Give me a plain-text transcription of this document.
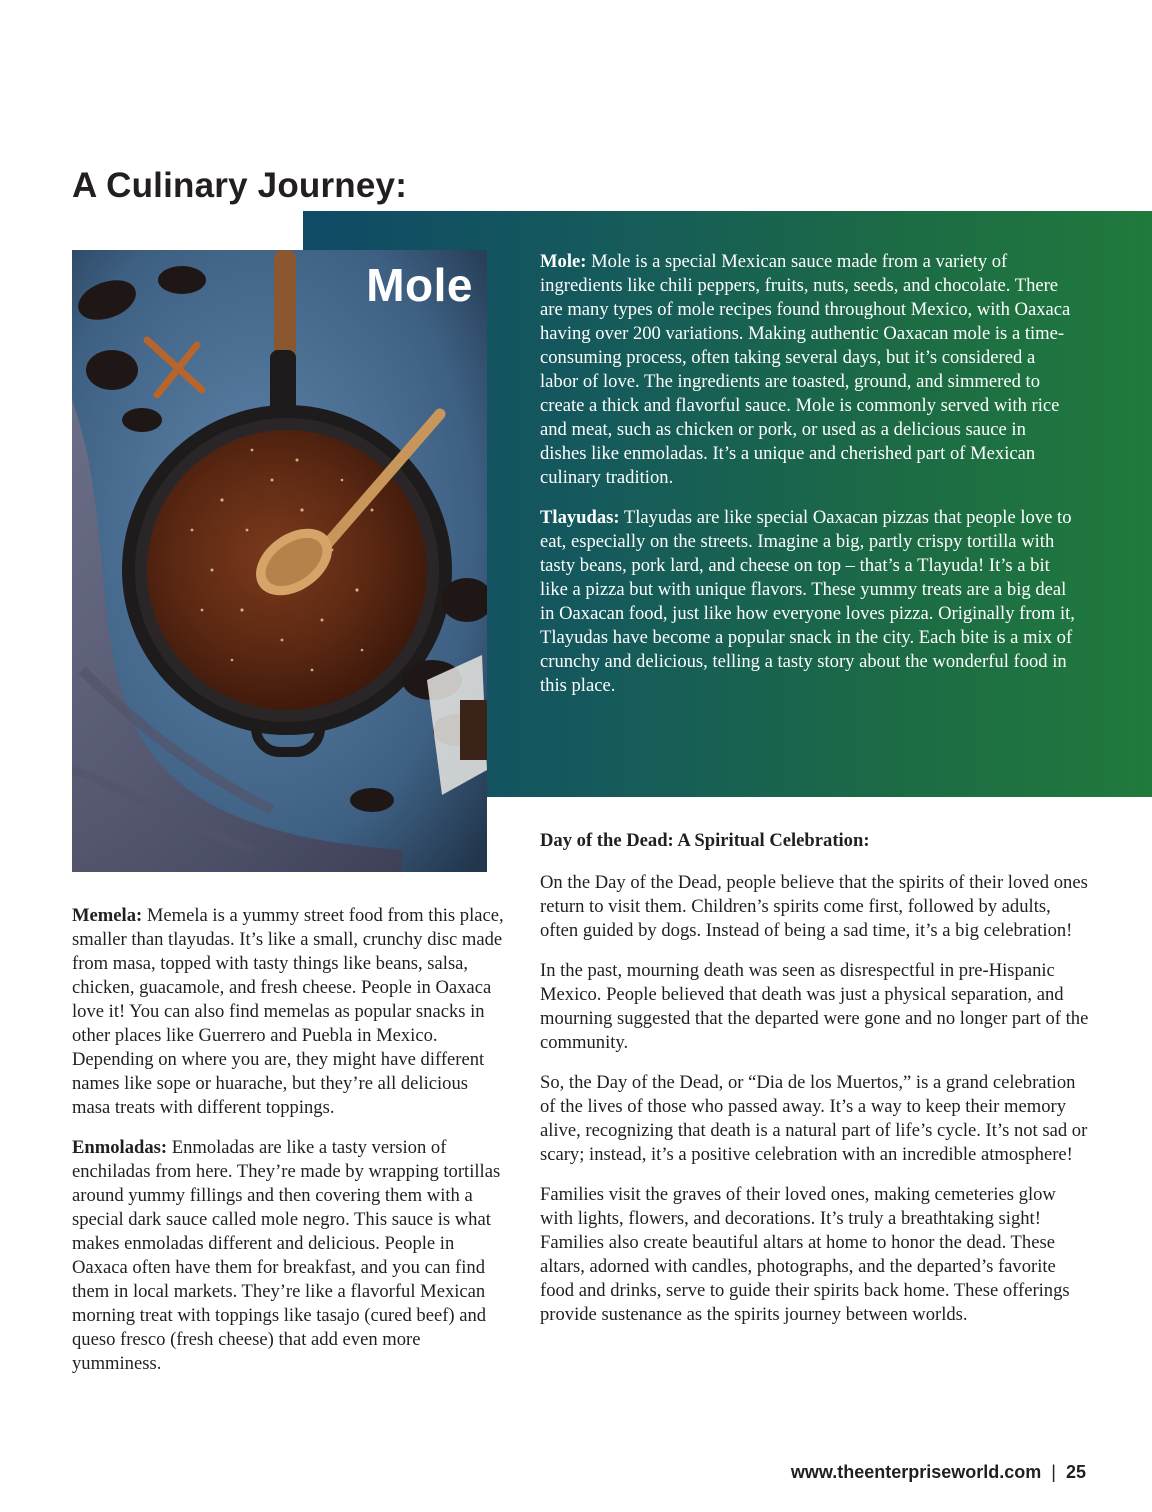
A Culinary Journey:

Mole	Mole: Mole is a special Mexican sauce made from a variety of ingredients like chili peppers, fruits, nuts, seeds, and chocolate. There are many types of mole recipes found throughout Mexico, with Oaxaca having over 200 variations. Making authentic Oaxacan mole is a time-consuming process, often taking several days, but it’s considered a labor of love. The ingredients are toasted, ground, and simmered to create a thick and flavorful sauce. Mole is commonly served with rice and meat, such as chicken or pork, or used as a delicious sauce in dishes like enmoladas. It’s a unique and cherished part of Mexican culinary tradition.

Tlayudas: Tlayudas are like special Oaxacan pizzas that people love to eat, especially on the streets. Imagine a big, partly crispy tortilla with tasty beans, pork lard, and cheese on top – that’s a Tlayuda! It’s a bit like a pizza but with unique flavors. These yummy treats are a big deal in Oaxacan food, just like how everyone loves pizza. Originally from it, Tlayudas have become a popular snack in the city. Each bite is a mix of crunchy and delicious, telling a tasty story about the wonderful food in this place.

Memela: Memela is a yummy street food from this place, smaller than tlayudas. It’s like a small, crunchy disc made from masa, topped with tasty things like beans, salsa, chicken, guacamole, and fresh cheese. People in Oaxaca love it! You can also find memelas as popular snacks in other places like Guerrero and Puebla in Mexico. Depending on where you are, they might have different names like sope or huarache, but they’re all delicious masa treats with different toppings.

Enmoladas: Enmoladas are like a tasty version of enchiladas from here. They’re made by wrapping tortillas around yummy fillings and then covering them with a special dark sauce called mole negro. This sauce is what makes enmoladas different and delicious. People in Oaxaca often have them for breakfast, and you can find them in local markets. They’re like a flavorful Mexican morning treat with toppings like tasajo (cured beef) and queso fresco (fresh cheese) that add even more yumminess.

Day of the Dead: A Spiritual Celebration:

On the Day of the Dead, people believe that the spirits of their loved ones return to visit them. Children’s spirits come first, followed by adults, often guided by dogs. Instead of being a sad time, it’s a big celebration!

In the past, mourning death was seen as disrespectful in pre-Hispanic Mexico. People believed that death was just a physical separation, and mourning suggested that the departed were gone and no longer part of the community.

So, the Day of the Dead, or “Dia de los Muertos,” is a grand celebration of the lives of those who passed away. It’s a way to keep their memory alive, recognizing that death is a natural part of life’s cycle. It’s not sad or scary; instead, it’s a positive celebration with an incredible atmosphere!

Families visit the graves of their loved ones, making cemeteries glow with lights, flowers, and decorations. It’s truly a breathtaking sight! Families also create beautiful altars at home to honor the dead. These altars, adorned with candles, photographs, and the departed’s favorite food and drinks, serve to guide their spirits back home. These offerings provide sustenance as the spirits journey between worlds.

www.theenterpriseworld.com | 25
